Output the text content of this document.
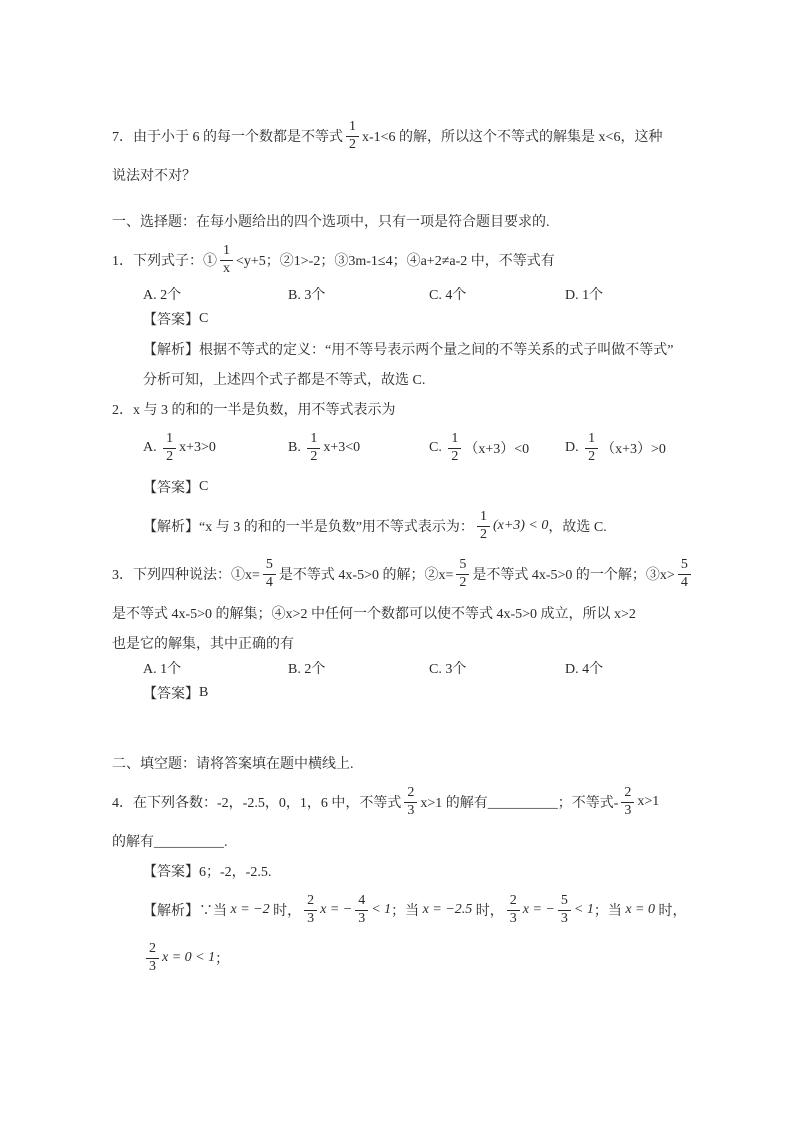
7．由于小于 6 的每一个数都是不等式 $\frac{1}{2} x-1<6$ 的解，所以这个不等式的解集是 x<6，这种
说法对不对？
一、选择题：在每小题给出的四个选项中，只有一项是符合题目要求的.
1．下列式子：① $\frac{1}{x} <y+5$；②1>-2；③3m-1≤4；④a+2≠a-2 中，不等式有
A. 2个	B. 3个	C. 4个	D. 1个
【答案】 C
【解析】根据不等式的定义：“用不等号表示两个量之间的不等关系的式子叫做不等式”
分析可知，上述四个式子都是不等式，故选 C.
2．x 与 3 的和的一半是负数，用不等式表示为
A. $\frac{1}{2} x+3>0$	B. $\frac{1}{2} x+3<0$	C. $\frac{1}{2} (x+3)<0$	D. $\frac{1}{2} (x+3)>0$
【答案】 C
【解析】“x 与 3 的和的一半是负数”用不等式表示为： $\frac{1}{2} (x+3) < 0$ ，故选 C.
3．下列四种说法：①x= $\frac{5}{4}$ 是不等式 4x-5>0 的解；②x= $\frac{5}{2}$ 是不等式 4x-5>0 的一个解；③x> $\frac{5}{4}$
是不等式 4x-5>0 的解集；④x>2 中任何一个数都可以使不等式 4x-5>0 成立，所以 x>2
也是它的解集，其中正确的有
A. 1个	B. 2个	C. 3个	D. 4个
【答案】 B
二、填空题：请将答案填在题中横线上.
4．在下列各数：-2，-2.5，0，1，6 中，不等式 $\frac{2}{3} x>1$ 的解有__________；不等式- $\frac{2}{3} x>1$
的解有__________.
【答案】 6；-2，-2.5.
【解析】∵当 x = −2 时， $\frac{2}{3}$ x = − $\frac{4}{3} < 1$ ；当 x = −2.5 时， $\frac{2}{3}$ x = − $\frac{5}{3} < 1$ ；当 x = 0 时，
$\frac{2}{3}$ x = 0 < 1 ；
